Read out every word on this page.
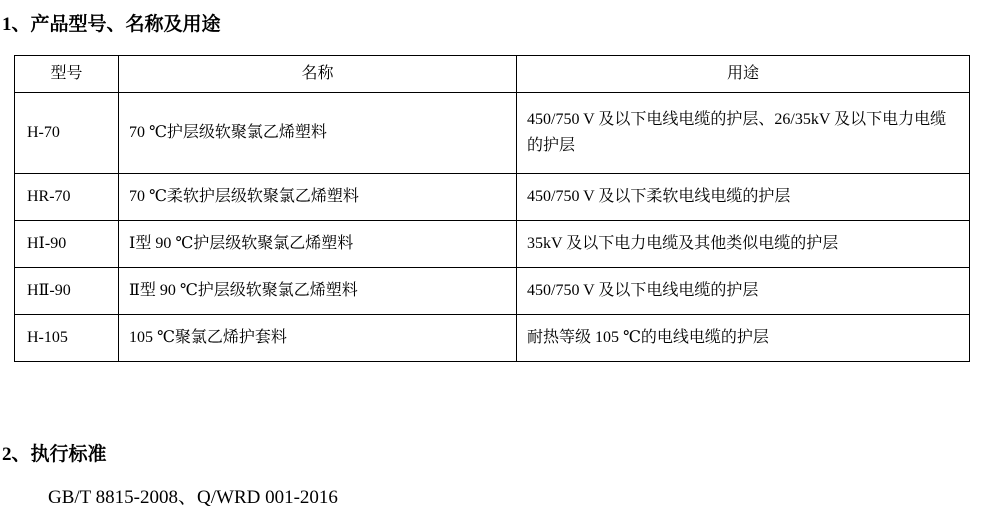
1、产品型号、名称及用途
型号	名称	用途
H-70	70 ℃护层级软聚氯乙烯塑料	450/750 V 及以下电线电缆的护层、26/35kV 及以下电力电缆的护层
HR-70	70 ℃柔软护层级软聚氯乙烯塑料	450/750 V 及以下柔软电线电缆的护层
HⅠ-90	Ⅰ型 90 ℃护层级软聚氯乙烯塑料	35kV 及以下电力电缆及其他类似电缆的护层
HⅡ-90	Ⅱ型 90 ℃护层级软聚氯乙烯塑料	450/750 V 及以下电线电缆的护层
H-105	105 ℃聚氯乙烯护套料	耐热等级 105 ℃的电线电缆的护层
2、执行标准
GB/T 8815-2008、Q/WRD 001-2016
